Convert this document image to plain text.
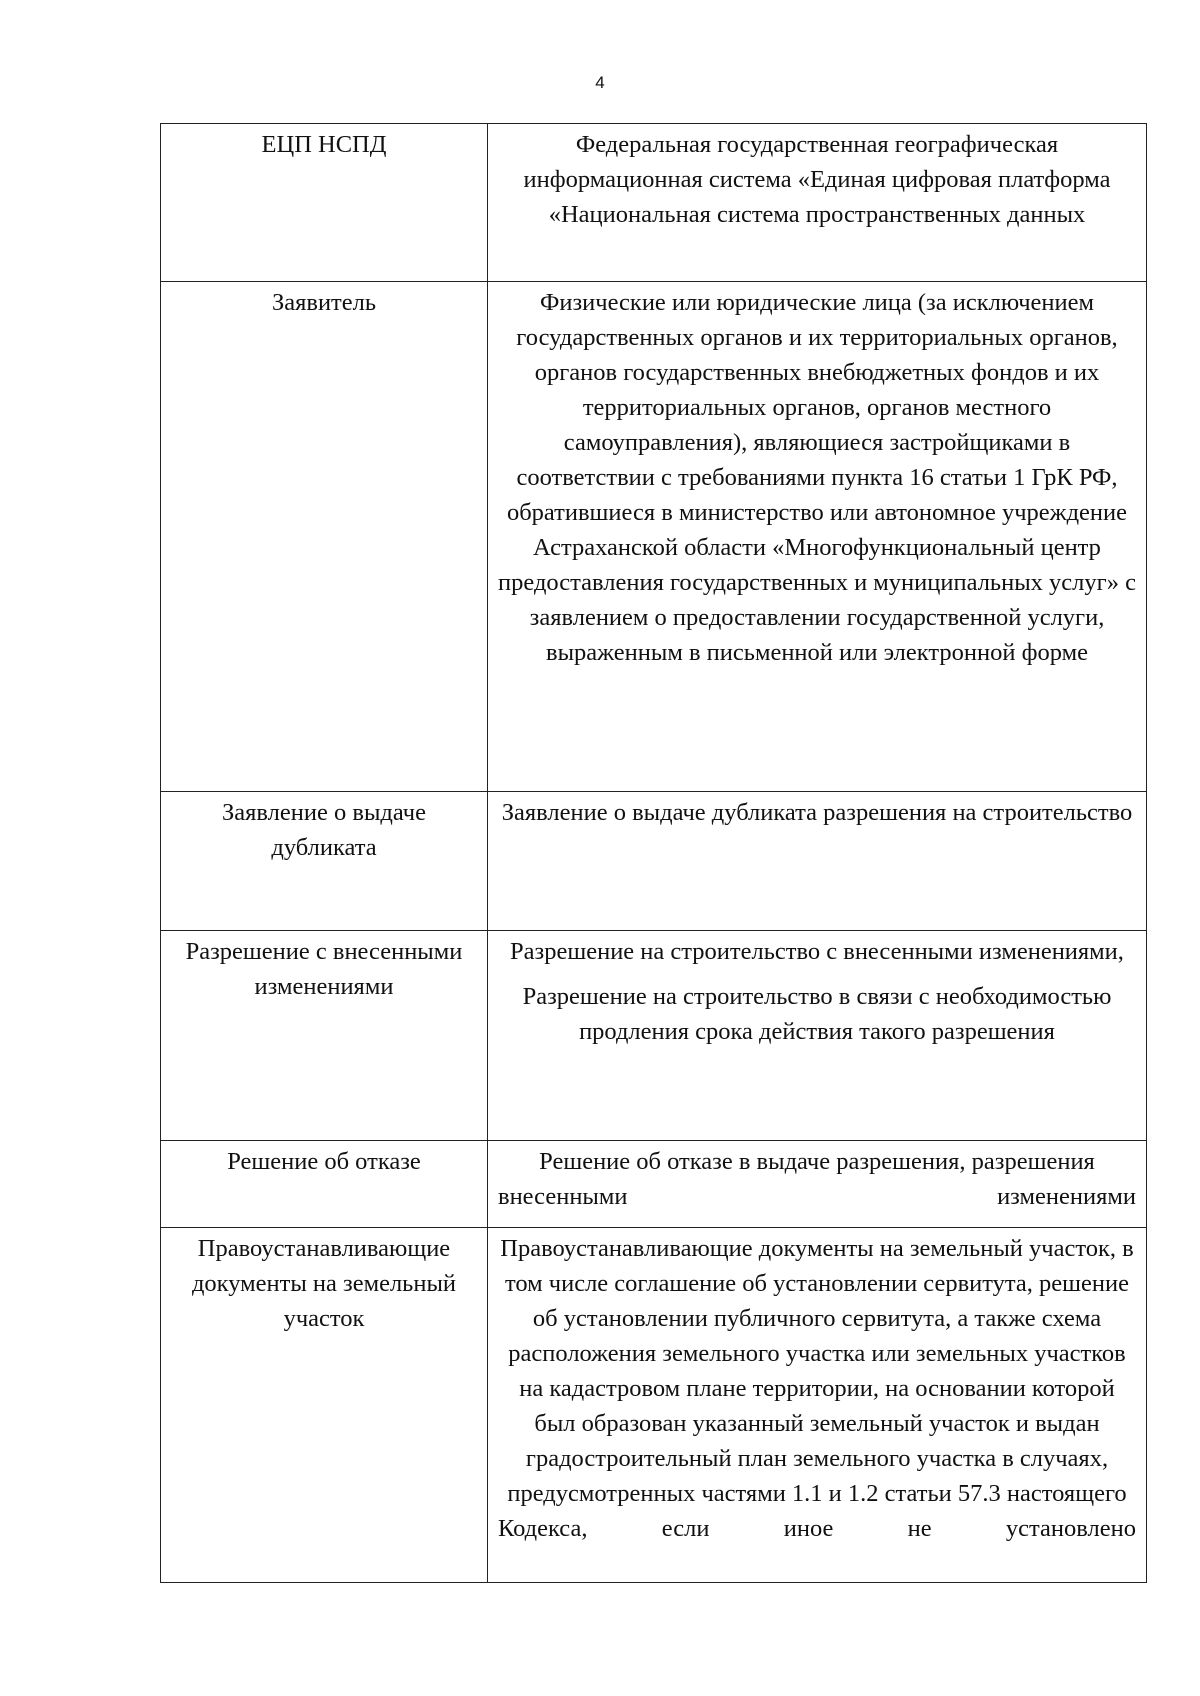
4
ЕЦП НСПД	Федеральная государственная географическая информационная система «Единая цифровая платформа «Национальная система пространственных данных

Заявитель	Физические или юридические лица (за исключением государственных органов и их территориальных органов, органов государственных внебюджетных фондов и их территориальных органов, органов местного самоуправления), являющиеся застройщиками в соответствии с требованиями пункта 16 статьи 1 ГрК РФ, обратившиеся в министерство или автономное учреждение Астраханской области «Многофункциональный центр предоставления государственных и муниципальных услуг» с заявлением о предоставлении государственной услуги, выраженным в письменной или электронной форме

Заявление о выдаче дубликата	Заявление о выдаче дубликата разрешения на строительство

Разрешение с внесенными изменениями	Разрешение на строительство с внесенными изменениями,
Разрешение на строительство в связи с необходимостью продления срока действия такого разрешения

Решение об отказе	Решение об отказе в выдаче разрешения, разрешения внесенными изменениями

Правоустанавливающие документы на земельный участок	Правоустанавливающие документы на земельный участок, в том числе соглашение об установлении сервитута, решение об установлении публичного сервитута, а также схема расположения земельного участка или земельных участков на кадастровом плане территории, на основании которой был образован указанный земельный участок и выдан градостроительный план земельного участка в случаях, предусмотренных частями 1.1 и 1.2 статьи 57.3 настоящего Кодекса, если иное не установлено
